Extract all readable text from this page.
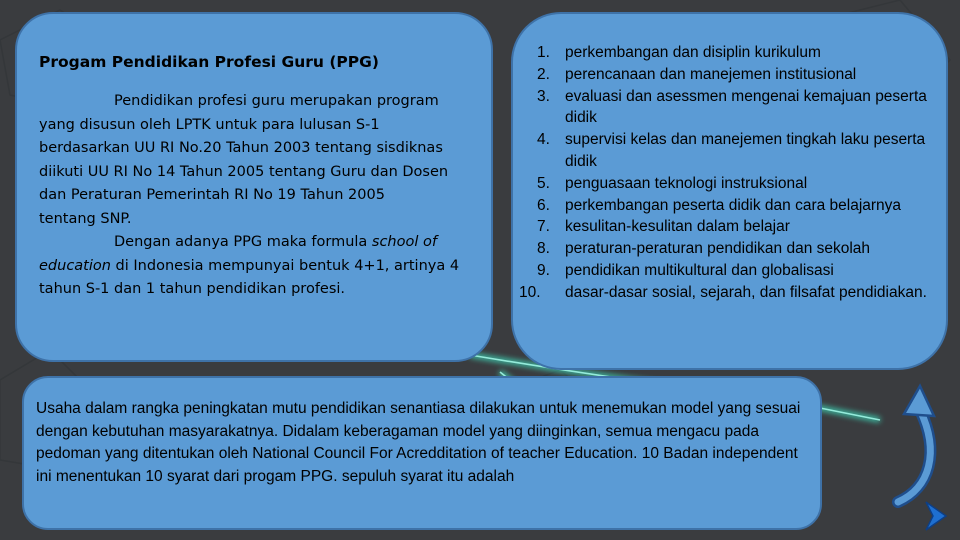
Progam Pendidikan Profesi Guru (PPG)

Pendidikan profesi guru merupakan program yang disusun oleh LPTK untuk para lulusan S-1 berdasarkan UU RI No.20 Tahun 2003 tentang sisdiknas diikuti UU RI No 14 Tahun 2005 tentang Guru dan Dosen dan Peraturan Pemerintah RI No 19 Tahun 2005

tentang SNP.

Dengan adanya PPG maka formula school of education di Indonesia mempunyai bentuk 4+1, artinya 4 tahun S-1 dan 1 tahun pendidikan profesi.

1. perkembangan dan disiplin kurikulum
2. perencanaan dan manejemen institusional
3. evaluasi dan asessmen mengenai kemajuan peserta didik
4. supervisi kelas dan manejemen tingkah laku peserta didik
5. penguasaan teknologi instruksional
6. perkembangan peserta didik dan cara belajarnya
7. kesulitan-kesulitan dalam belajar
8. peraturan-peraturan pendidikan dan sekolah
9. pendidikan multikultural dan globalisasi
10.	dasar-dasar sosial, sejarah, dan filsafat pendidiakan.
Usaha dalam rangka peningkatan mutu pendidikan senantiasa dilakukan untuk menemukan model yang sesuai dengan kebutuhan masyarakatnya. Didalam keberagaman model yang diinginkan, semua mengacu pada pedoman yang ditentukan oleh National Council For Acredditation of teacher Education. 10 Badan independent ini menentukan 10 syarat dari progam PPG. sepuluh syarat itu adalah
